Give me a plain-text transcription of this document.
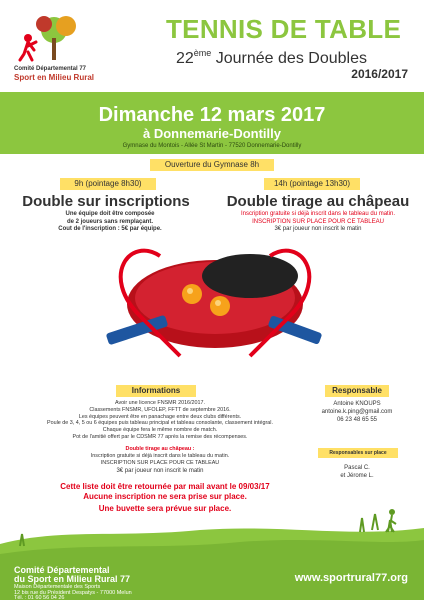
Comité Départemental 77
Sport en Milieu Rural
TENNIS DE TABLE
22ème Journée des Doubles
2016/2017
Dimanche 12 mars 2017
à Donnemarie-Dontilly
Gymnase du Montois - Allée St Martin - 77520 Donnemarie-Dontilly
Ouverture du Gymnase 8h
9h (pointage 8h30)	14h (pointage 13h30)
Double sur inscriptions	Double tirage au châpeau
Une équipe doit être composée
de 2 joueurs sans remplaçant.
Cout de l'inscription : 5€ par équipe.
Inscription gratuite si déjà inscrit dans le tableau du matin.
INSCRIPTION SUR PLACE POUR CE TABLEAU
3€ par joueur non inscrit le matin
Informations
Avoir une licence FNSMR 2016/2017.
Classements FNSMR, UFOLEP, FFTT de septembre 2016.
Les équipes peuvent être en panachage entre deux clubs différents.
Poule de 3, 4, 5 ou 6 équipes puis tableau principal et tableau consolante, classement intégral.
Chaque équipe fera le même nombre de match.
Pot de l'amitié offert par le CDSMR 77 après la remise des récompenses.
Double tirage au châpeau :
Inscription gratuite si déjà inscrit dans le tableau du matin.
INSCRIPTION SUR PLACE POUR CE TABLEAU
3€ par joueur non inscrit le matin
Responsable
Antoine KNOUPS
antoine.k.ping@gmail.com
06 23 48 65 55
Responsables sur place
Pascal C.
et Jérome L.
Cette liste doit être retournée par mail avant le 09/03/17
Aucune inscription ne sera prise sur place.
Une buvette sera prévue sur place.
Comité Départemental
du Sport en Milieu Rural 77
Maison Départementale des Sports
12 bis rue du Président Despatys - 77000 Melun
Tél. : 01 60 56 04 26
www.sportrural77.org
